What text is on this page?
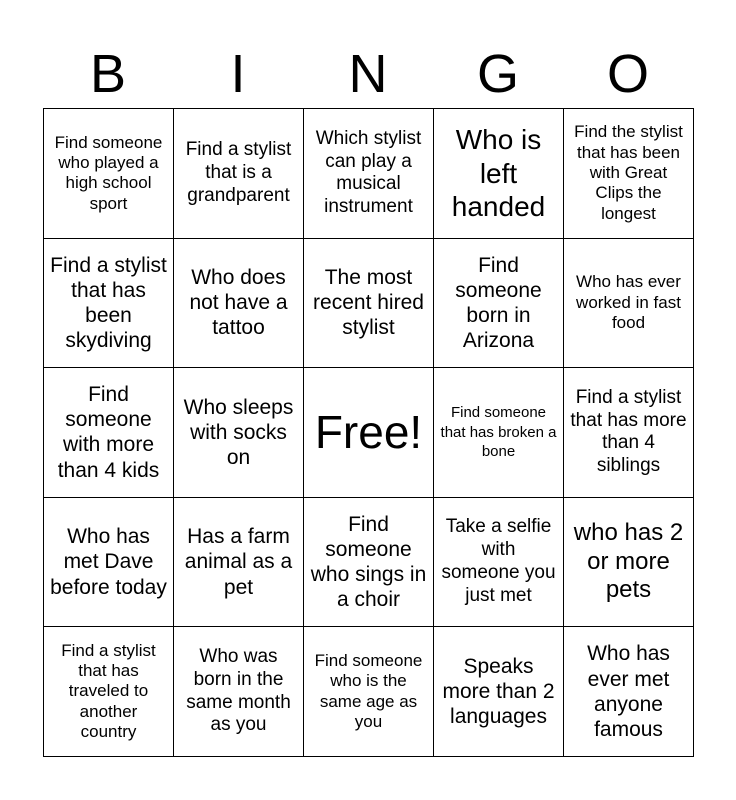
B	I	N	G	O
Find someone who played a high school sport	Find a stylist that is a grandparent	Which stylist can play a musical instrument	Who is left handed	Find the stylist that has been with Great Clips the longest

Find a stylist that has been skydiving	Who does not have a tattoo	The most recent hired stylist	Find someone born in Arizona	Who has ever worked in fast food

Find someone with more than 4 kids	Who sleeps with socks on	Free!	Find someone that has broken a bone	Find a stylist that has more than 4 siblings

Who has met Dave before today	Has a farm animal as a pet	Find someone who sings in a choir	Take a selfie with someone you just met	who has 2 or more pets

Find a stylist that has traveled to another country	Who was born in the same month as you	Find someone who is the same age as you	Speaks more than 2 languages	Who has ever met anyone famous
